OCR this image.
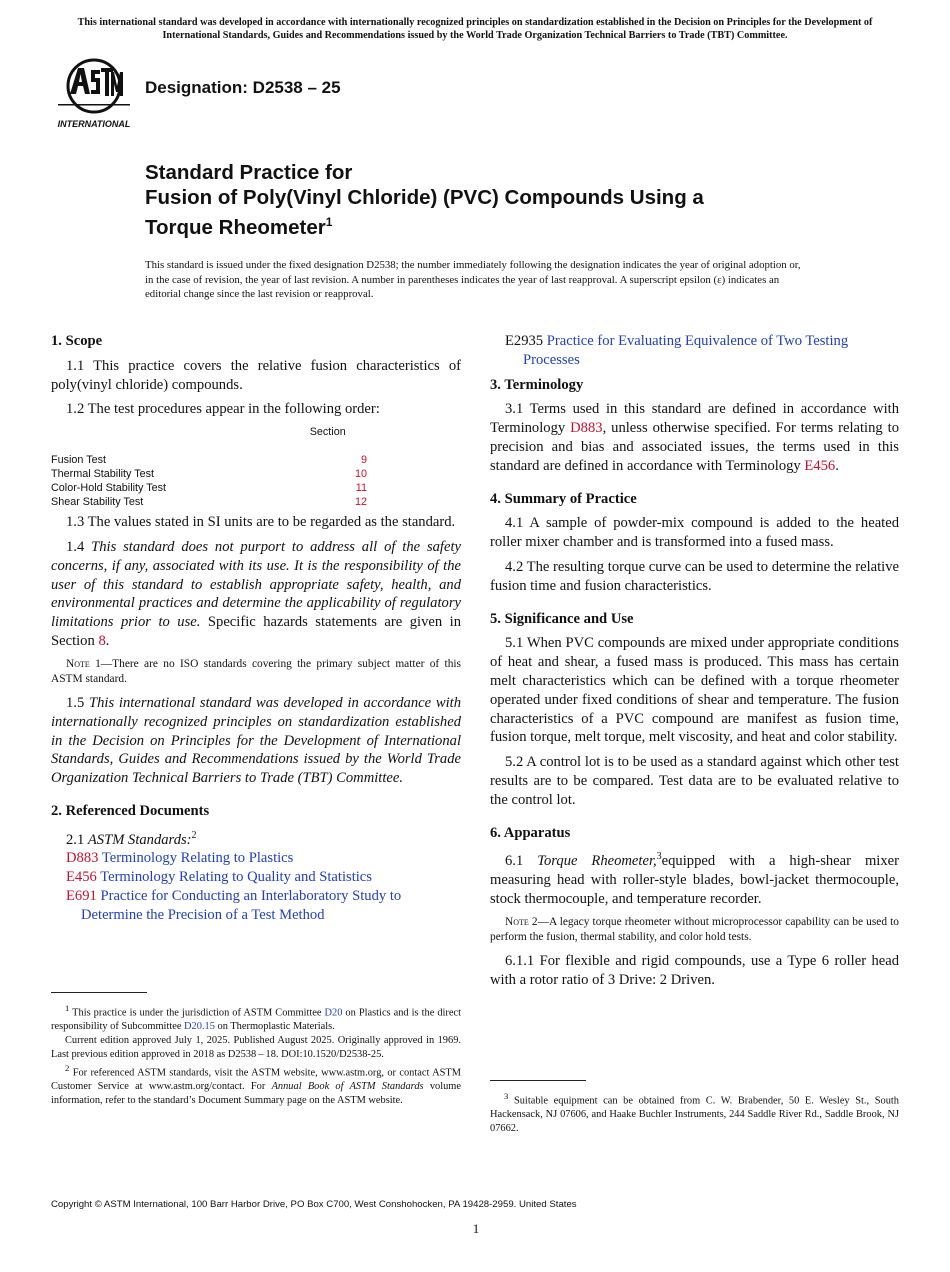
This international standard was developed in accordance with internationally recognized principles on standardization established in the Decision on Principles for the Development of International Standards, Guides and Recommendations issued by the World Trade Organization Technical Barriers to Trade (TBT) Committee.
INTERNATIONAL
Designation: D2538 – 25
Standard Practice for
Fusion of Poly(Vinyl Chloride) (PVC) Compounds Using a
Torque Rheometer$^1$
This standard is issued under the fixed designation D2538; the number immediately following the designation indicates the year of original adoption or, in the case of revision, the year of last revision. A number in parentheses indicates the year of last reapproval. A superscript epsilon (ε) indicates an editorial change since the last revision or reapproval.
1. Scope
1.1 This practice covers the relative fusion characteristics of poly(vinyl chloride) compounds.
1.2 The test procedures appear in the following order:
	Section
Fusion Test	9
Thermal Stability Test	10
Color-Hold Stability Test	11
Shear Stability Test	12
1.3 The values stated in SI units are to be regarded as the standard.
1.4 This standard does not purport to address all of the safety concerns, if any, associated with its use. It is the responsibility of the user of this standard to establish appropriate safety, health, and environmental practices and determine the applicability of regulatory limitations prior to use. Specific hazards statements are given in Section 8.
Note 1—There are no ISO standards covering the primary subject matter of this ASTM standard.
1.5 This international standard was developed in accordance with internationally recognized principles on standardization established in the Decision on Principles for the Development of International Standards, Guides and Recommendations issued by the World Trade Organization Technical Barriers to Trade (TBT) Committee.
2. Referenced Documents
2.1 ASTM Standards:$^2$
D883 Terminology Relating to Plastics
E456 Terminology Relating to Quality and Statistics
E691 Practice for Conducting an Interlaboratory Study to Determine the Precision of a Test Method
$^1$ This practice is under the jurisdiction of ASTM Committee D20 on Plastics and is the direct responsibility of Subcommittee D20.15 on Thermoplastic Materials.
Current edition approved July 1, 2025. Published August 2025. Originally approved in 1969. Last previous edition approved in 2018 as D2538 – 18. DOI:10.1520/D2538-25.
$^2$ For referenced ASTM standards, visit the ASTM website, www.astm.org, or contact ASTM Customer Service at www.astm.org/contact. For Annual Book of ASTM Standards volume information, refer to the standard’s Document Summary page on the ASTM website.
E2935 Practice for Evaluating Equivalence of Two Testing Processes
3. Terminology
3.1 Terms used in this standard are defined in accordance with Terminology D883, unless otherwise specified. For terms relating to precision and bias and associated issues, the terms used in this standard are defined in accordance with Terminology E456.
4. Summary of Practice
4.1 A sample of powder-mix compound is added to the heated roller mixer chamber and is transformed into a fused mass.
4.2 The resulting torque curve can be used to determine the relative fusion time and fusion characteristics.
5. Significance and Use
5.1 When PVC compounds are mixed under appropriate conditions of heat and shear, a fused mass is produced. This mass has certain melt characteristics which can be defined with a torque rheometer operated under fixed conditions of shear and temperature. The fusion characteristics of a PVC compound are manifest as fusion time, fusion torque, melt torque, melt viscosity, and heat and color stability.
5.2 A control lot is to be used as a standard against which other test results are to be compared. Test data are to be evaluated relative to the control lot.
6. Apparatus
6.1 Torque Rheometer,$^3$equipped with a high-shear mixer measuring head with roller-style blades, bowl-jacket thermocouple, stock thermocouple, and temperature recorder.
Note 2—A legacy torque rheometer without microprocessor capability can be used to perform the fusion, thermal stability, and color hold tests.
6.1.1 For flexible and rigid compounds, use a Type 6 roller head with a rotor ratio of 3 Drive: 2 Driven.
$^3$ Suitable equipment can be obtained from C. W. Brabender, 50 E. Wesley St., South Hackensack, NJ 07606, and Haake Buchler Instruments, 244 Saddle River Rd., Saddle Brook, NJ 07662.
Copyright © ASTM International, 100 Barr Harbor Drive, PO Box C700, West Conshohocken, PA 19428-2959. United States
1
